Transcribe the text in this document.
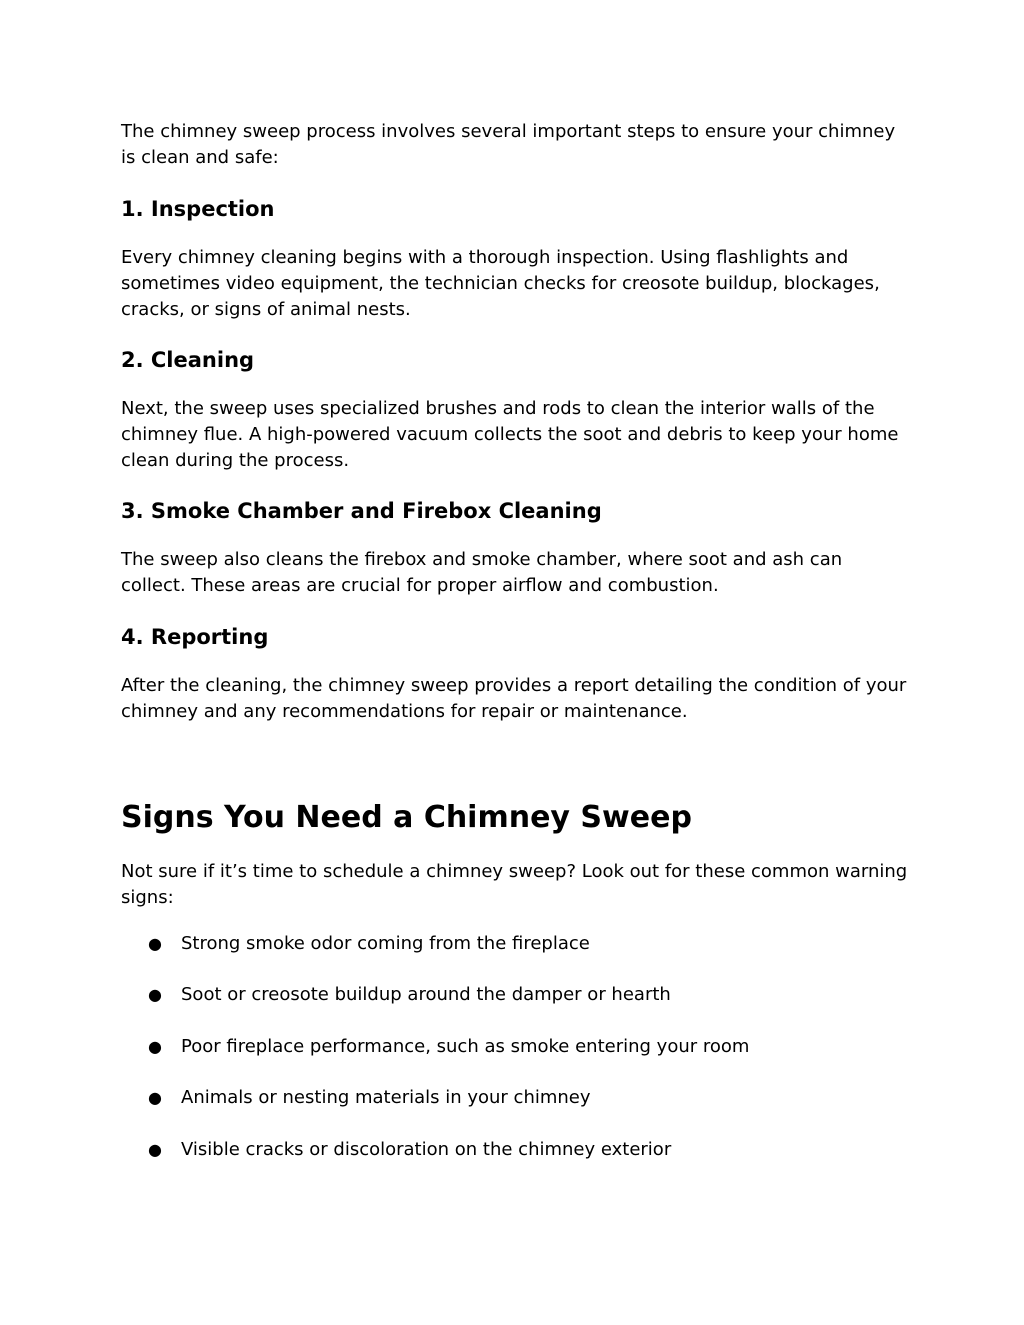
The chimney sweep process involves several important steps to ensure your chimney is clean and safe:

1. Inspection

Every chimney cleaning begins with a thorough inspection. Using flashlights and sometimes video equipment, the technician checks for creosote buildup, blockages, cracks, or signs of animal nests.

2. Cleaning

Next, the sweep uses specialized brushes and rods to clean the interior walls of the chimney flue. A high-powered vacuum collects the soot and debris to keep your home clean during the process.

3. Smoke Chamber and Firebox Cleaning

The sweep also cleans the firebox and smoke chamber, where soot and ash can collect. These areas are crucial for proper airflow and combustion.

4. Reporting

After the cleaning, the chimney sweep provides a report detailing the condition of your chimney and any recommendations for repair or maintenance.

Signs You Need a Chimney Sweep

Not sure if it’s time to schedule a chimney sweep? Look out for these common warning signs:

●	Strong smoke odor coming from the fireplace
●	Soot or creosote buildup around the damper or hearth
●	Poor fireplace performance, such as smoke entering your room
●	Animals or nesting materials in your chimney
●	Visible cracks or discoloration on the chimney exterior
